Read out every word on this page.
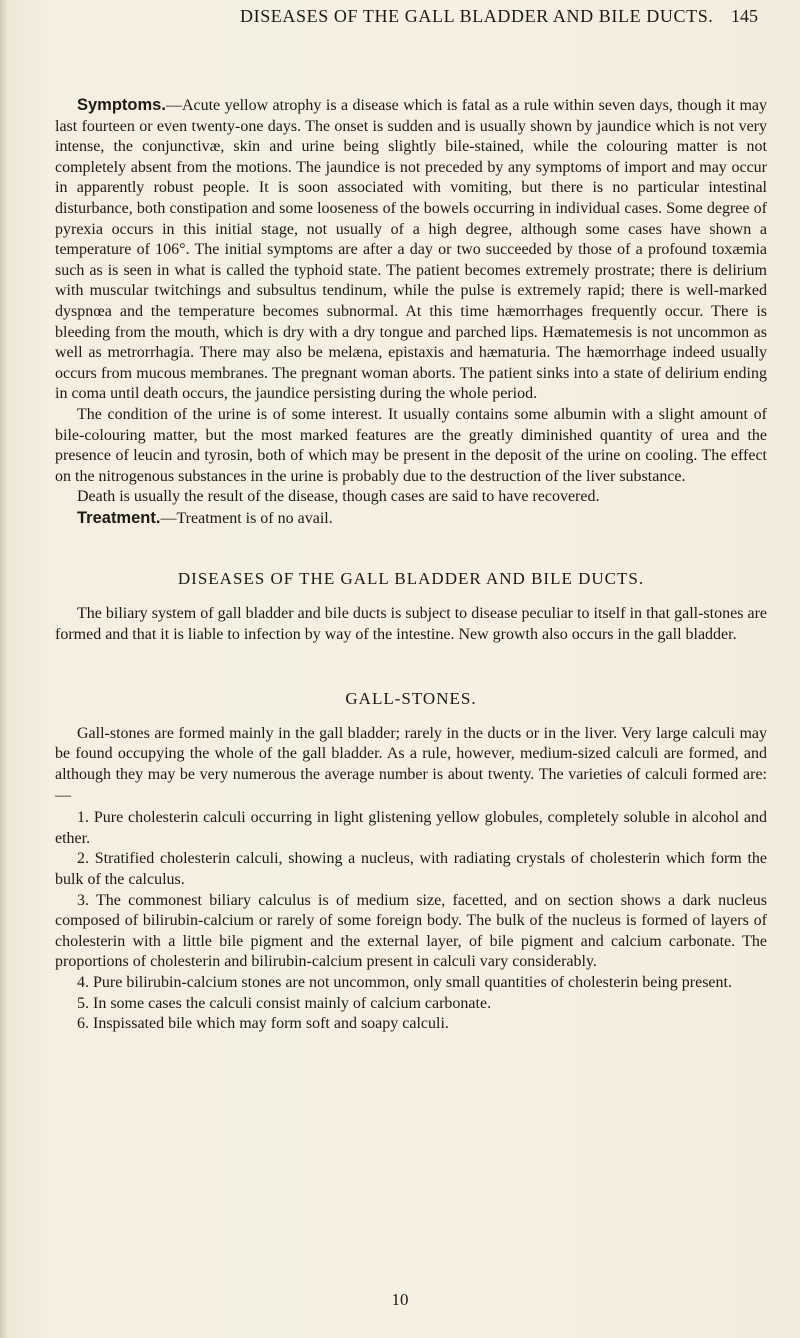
DISEASES OF THE GALL BLADDER AND BILE DUCTS. 145

Symptoms.—Acute yellow atrophy is a disease which is fatal as a rule within seven days, though it may last fourteen or even twenty-one days. The onset is sudden and is usually shown by jaundice which is not very intense, the conjunctivæ, skin and urine being slightly bile-stained, while the colouring matter is not completely absent from the motions. The jaundice is not preceded by any symptoms of import and may occur in apparently robust people. It is soon associated with vomiting, but there is no particular intestinal disturbance, both constipation and some looseness of the bowels occurring in individual cases. Some degree of pyrexia occurs in this initial stage, not usually of a high degree, although some cases have shown a temperature of 106°. The initial symptoms are after a day or two succeeded by those of a profound toxæmia such as is seen in what is called the typhoid state. The patient becomes extremely prostrate; there is delirium with muscular twitchings and subsultus tendinum, while the pulse is extremely rapid; there is well-marked dyspnœa and the temperature becomes subnormal. At this time hæmorrhages frequently occur. There is bleeding from the mouth, which is dry with a dry tongue and parched lips. Hæmatemesis is not uncommon as well as metrorrhagia. There may also be melæna, epistaxis and hæmaturia. The hæmorrhage indeed usually occurs from mucous membranes. The pregnant woman aborts. The patient sinks into a state of delirium ending in coma until death occurs, the jaundice persisting during the whole period.

The condition of the urine is of some interest. It usually contains some albumin with a slight amount of bile-colouring matter, but the most marked features are the greatly diminished quantity of urea and the presence of leucin and tyrosin, both of which may be present in the deposit of the urine on cooling. The effect on the nitrogenous substances in the urine is probably due to the destruction of the liver substance.

Death is usually the result of the disease, though cases are said to have recovered.

Treatment.—Treatment is of no avail.

DISEASES OF THE GALL BLADDER AND BILE DUCTS.

The biliary system of gall bladder and bile ducts is subject to disease peculiar to itself in that gall-stones are formed and that it is liable to infection by way of the intestine. New growth also occurs in the gall bladder.

GALL-STONES.

Gall-stones are formed mainly in the gall bladder; rarely in the ducts or in the liver. Very large calculi may be found occupying the whole of the gall bladder. As a rule, however, medium-sized calculi are formed, and although they may be very numerous the average number is about twenty. The varieties of calculi formed are:—

1. Pure cholesterin calculi occurring in light glistening yellow globules, completely soluble in alcohol and ether.
2. Stratified cholesterin calculi, showing a nucleus, with radiating crystals of cholesterin which form the bulk of the calculus.
3. The commonest biliary calculus is of medium size, facetted, and on section shows a dark nucleus composed of bilirubin-calcium or rarely of some foreign body. The bulk of the nucleus is formed of layers of cholesterin with a little bile pigment and the external layer, of bile pigment and calcium carbonate. The proportions of cholesterin and bilirubin-calcium present in calculi vary considerably.
4. Pure bilirubin-calcium stones are not uncommon, only small quantities of cholesterin being present.
5. In some cases the calculi consist mainly of calcium carbonate.
6. Inspissated bile which may form soft and soapy calculi.
10
